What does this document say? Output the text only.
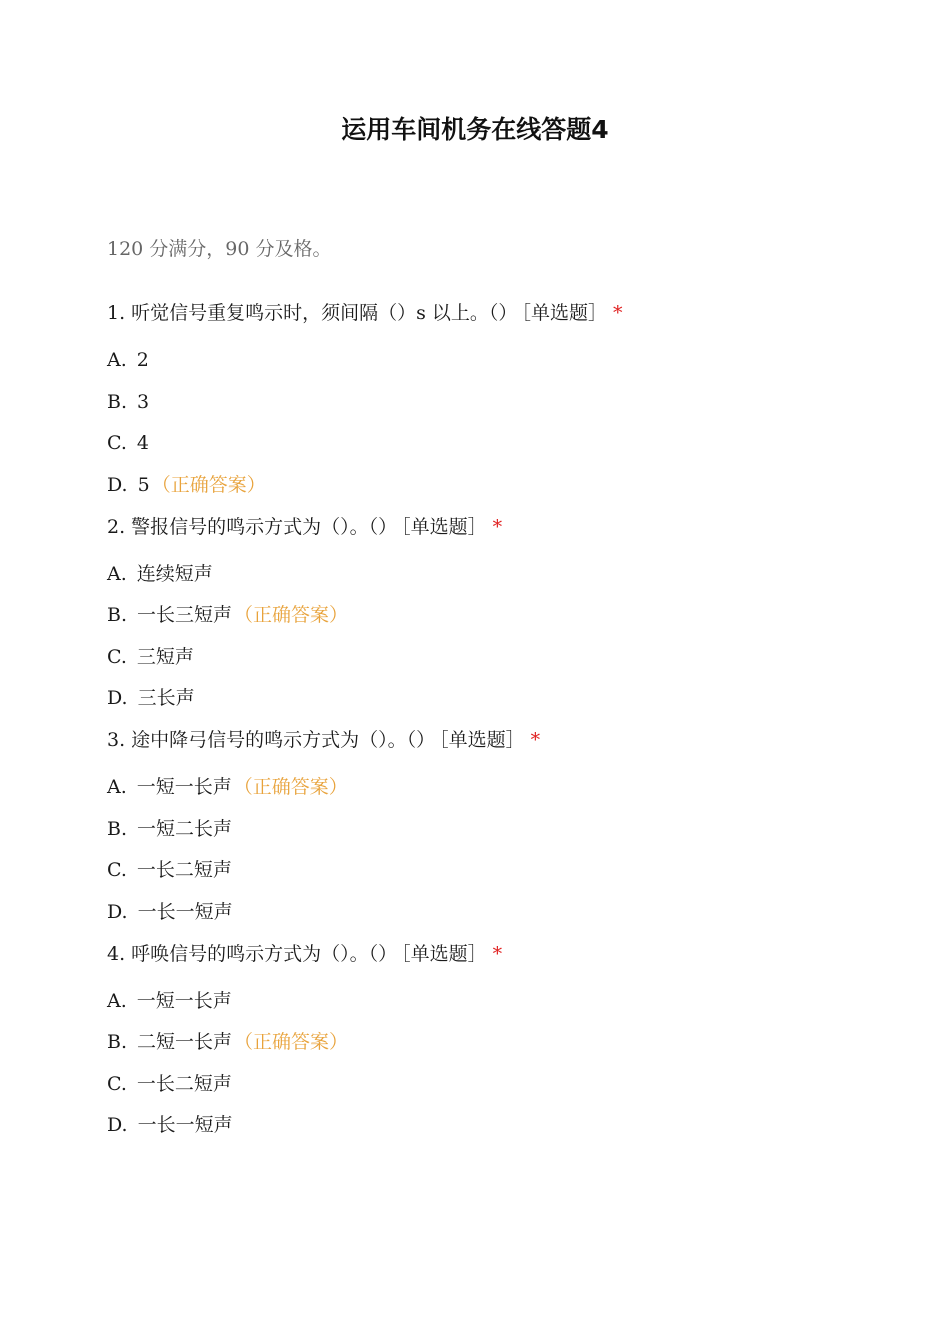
运用车间机务在线答题4
120 分满分，90 分及格。
1. 听觉信号重复鸣示时，须间隔（）s 以上。（） ［单选题］ *
A. 2
B. 3
C. 4
D. 5 （正确答案）
2. 警报信号的鸣示方式为（）。（） ［单选题］ *
A. 连续短声
B. 一长三短声 （正确答案）
C. 三短声
D. 三长声
3. 途中降弓信号的鸣示方式为（）。（） ［单选题］ *
A. 一短一长声 （正确答案）
B. 一短二长声
C. 一长二短声
D. 一长一短声
4. 呼唤信号的鸣示方式为（）。（） ［单选题］ *
A. 一短一长声
B. 二短一长声 （正确答案）
C. 一长二短声
D. 一长一短声
